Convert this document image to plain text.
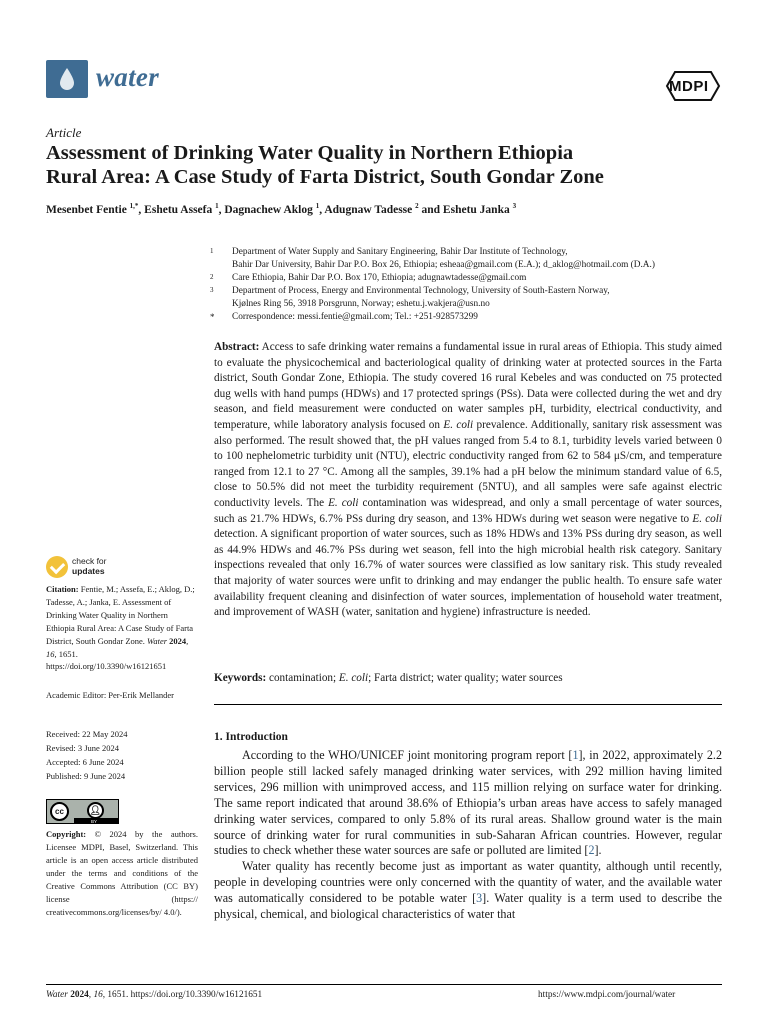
water	MDPI
Article
Assessment of Drinking Water Quality in Northern Ethiopia
Rural Area: A Case Study of Farta District, South Gondar Zone
Mesenbet Fentie $^{1,*}$, Eshetu Assefa $^1$, Dagnachew Aklog $^1$, Adugnaw Tadesse $^2$ and Eshetu Janka $^3$
1 Department of Water Supply and Sanitary Engineering, Bahir Dar Institute of Technology,
Bahir Dar University, Bahir Dar P.O. Box 26, Ethiopia; esheaa@gmail.com (E.A.); d_aklog@hotmail.com (D.A.)
2 Care Ethiopia, Bahir Dar P.O. Box 170, Ethiopia; adugnawtadesse@gmail.com
3 Department of Process, Energy and Environmental Technology, University of South-Eastern Norway,
Kjølnes Ring 56, 3918 Porsgrunn, Norway; eshetu.j.wakjera@usn.no
* Correspondence: messi.fentie@gmail.com; Tel.: +251-928573299
Abstract: Access to safe drinking water remains a fundamental issue in rural areas of Ethiopia. This study aimed to evaluate the physicochemical and bacteriological quality of drinking water at protected sources in the Farta district, South Gondar Zone, Ethiopia. The study covered 16 rural Kebeles and was conducted on 75 protected dug wells with hand pumps (HDWs) and 17 protected springs (PSs). Data were collected during the wet and dry season, and field measurement were conducted on water samples pH, turbidity, electrical conductivity, and temperature, while laboratory analysis focused on E. coli prevalence. Additionally, sanitary risk assessment was also performed. The result showed that, the pH values ranged from 5.4 to 8.1, turbidity levels varied between 0 to 100 nephelometric turbidity unit (NTU), electric conductivity ranged from 62 to 584 μS/cm, and temperature ranged from 12.1 to 27 °C. Among all the samples, 39.1% had a pH below the minimum standard value of 6.5, close to 50.5% did not meet the turbidity requirement (5NTU), and all samples were safe against electric conductivity levels. The E. coli contamination was widespread, and only a small percentage of water sources, such as 21.7% HDWs, 6.7% PSs during dry season, and 13% HDWs during wet season were negative to E. coli detection. A significant proportion of water sources, such as 18% HDWs and 13% PSs during dry season, as well as 44.9% HDWs and 46.7% PSs during wet season, fell into the high microbial health risk category. Sanitary inspections revealed that only 16.7% of water sources were classified as low sanitary risk. This study revealed that majority of water sources were unfit to drinking and may endanger the public health. To ensure safe water availability frequent cleaning and disinfection of water sources, implementation of household water treatment, and improvement of WASH (water, sanitation and hygiene) infrastructure is needed.
Keywords: contamination; E. coli; Farta district; water quality; water sources
1. Introduction

According to the WHO/UNICEF joint monitoring program report [1], in 2022, approximately 2.2 billion people still lacked safely managed drinking water services, with 292 million having limited services, 296 million with unimproved access, and 115 million relying on surface water for drinking. The same report indicated that around 38.6% of Ethiopia’s urban areas have access to safely managed drinking water services, compared to only 5.8% of its rural areas. Shallow ground water is the main source of drinking water for rural communities in sub-Saharan African countries. However, regular studies to check whether these water sources are safe or polluted are limited [2].

Water quality has recently become just as important as water quantity, although until recently, people in developing countries were only concerned with the quantity of water, and the available water was automatically considered to be potable water [3]. Water quality is a term used to describe the physical, chemical, and biological characteristics of water that

check for
updates
Citation: Fentie, M.; Assefa, E.; Aklog, D.; Tadesse, A.; Janka, E. Assessment of Drinking Water Quality in Northern Ethiopia Rural Area: A Case Study of Farta District, South Gondar Zone. Water 2024, 16, 1651. https://doi.org/10.3390/w16121651
Academic Editor: Per-Erik Mellander
Received: 22 May 2024
Revised: 3 June 2024
Accepted: 6 June 2024
Published: 9 June 2024
cc	👤︎
BY
Copyright: © 2024 by the authors. Licensee MDPI, Basel, Switzerland. This article is an open access article distributed under the terms and conditions of the Creative Commons Attribution (CC BY) license (https:// creativecommons.org/licenses/by/ 4.0/).
Water 2024, 16, 1651. https://doi.org/10.3390/w16121651	https://www.mdpi.com/journal/water
